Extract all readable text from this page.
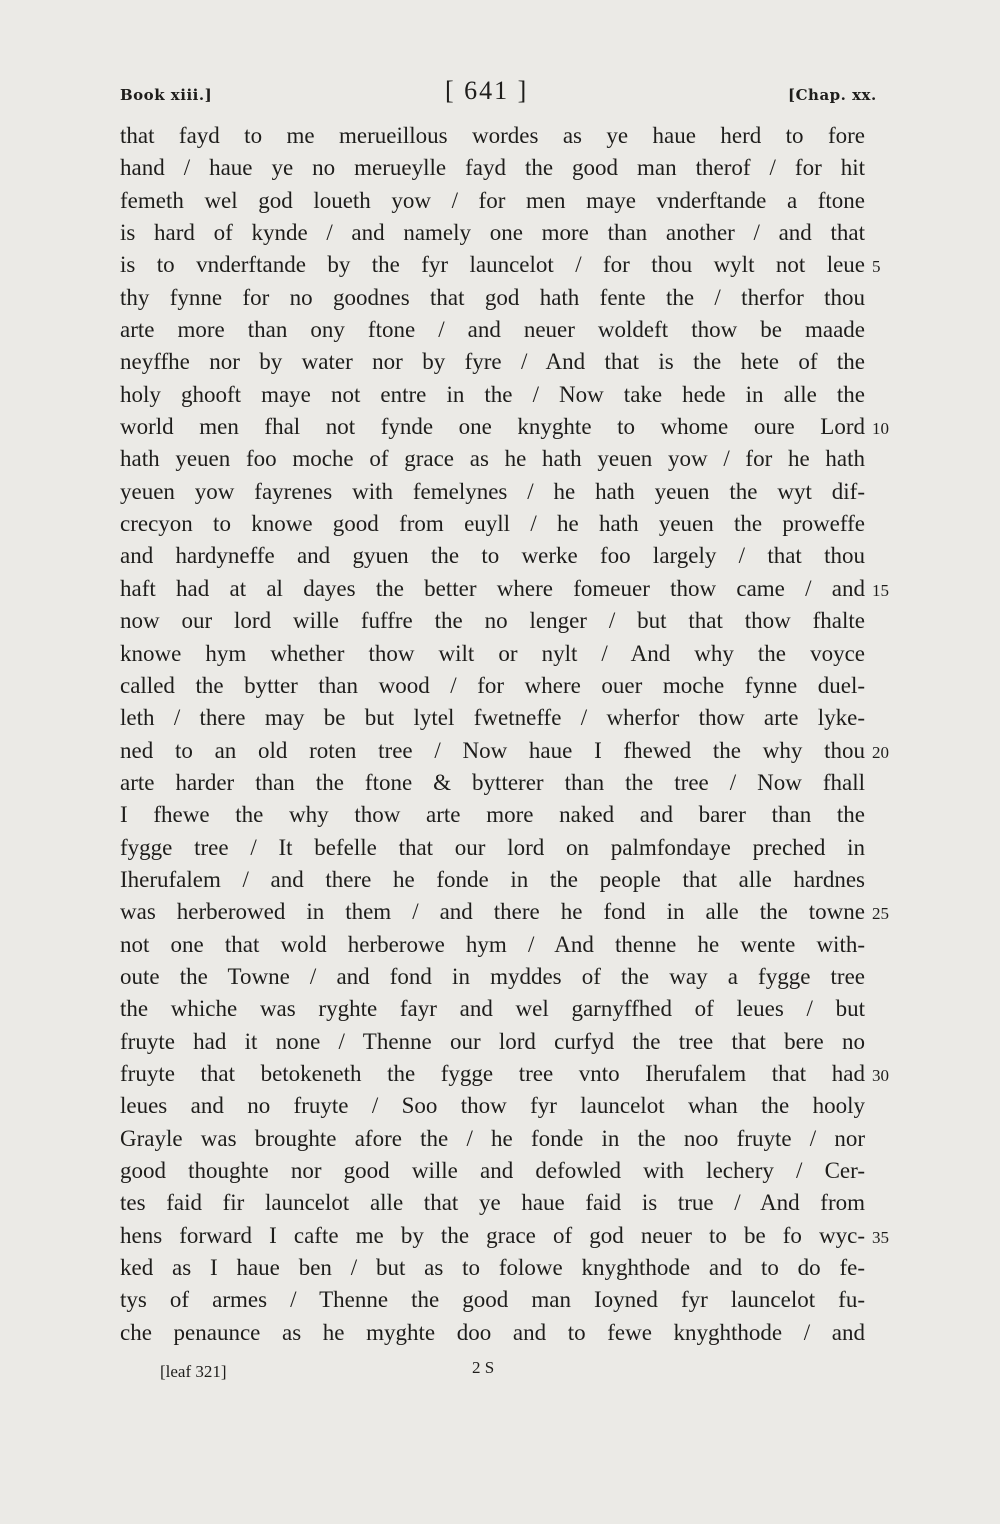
Book xiii.]	[ 641 ]	[Chap. xx.
that fayd to me merueillous wordes as ye haue herd to fore
hand / haue ye no merueylle fayd the good man therof / for hit
femeth wel god loueth yow / for men maye vnderftande a ftone
is hard of kynde / and namely one more than another / and that
is to vnderftande by the fyr launcelot / for thou wylt not leue
thy fynne for no goodnes that god hath fente the / therfor thou
arte more than ony ftone / and neuer woldeft thow be maade
neyffhe nor by water nor by fyre / And that is the hete of the
holy ghooft maye not entre in the / Now take hede in alle the
world men fhal not fynde one knyghte to whome oure Lord
hath yeuen foo moche of grace as he hath yeuen yow / for he hath
yeuen yow fayrenes with femelynes / he hath yeuen the wyt dif-
crecyon to knowe good from euyll / he hath yeuen the proweffe
and hardyneffe and gyuen the to werke foo largely / that thou
haft had at al dayes the better where fomeuer thow came / and
now our lord wille fuffre the no lenger / but that thow fhalte
knowe hym whether thow wilt or nylt / And why the voyce
called the bytter than wood / for where ouer moche fynne duel-
leth / there may be but lytel fwetneffe / wherfor thow arte lyke-
ned to an old roten tree / Now haue I fhewed the why thou
arte harder than the ftone & bytterer than the tree / Now fhall
I fhewe the why thow arte more naked and barer than the
fygge tree / It befelle that our lord on palmfondaye preched in
Iherufalem / and there he fonde in the people that alle hardnes
was herberowed in them / and there he fond in alle the towne
not one that wold herberowe hym / And thenne he wente with-
oute the Towne / and fond in myddes of the way a fygge tree
the whiche was ryghte fayr and wel garnyffhed of leues / but
fruyte had it none / Thenne our lord curfyd the tree that bere no
fruyte that betokeneth the fygge tree vnto Iherufalem that had
leues and no fruyte / Soo thow fyr launcelot whan the hooly
Grayle was broughte afore the / he fonde in the noo fruyte / nor
good thoughte nor good wille and defowled with lechery / Cer-
tes faid fir launcelot alle that ye haue faid is true / And from
hens forward I cafte me by the grace of god neuer to be fo wyc-
ked as I haue ben / but as to folowe knyghthode and to do fe-
tys of armes / Thenne the good man Ioyned fyr launcelot fu-
che penaunce as he myghte doo and to fewe knyghthode / and
5
10
15
20
25
30
35
[leaf 321]	2 S
